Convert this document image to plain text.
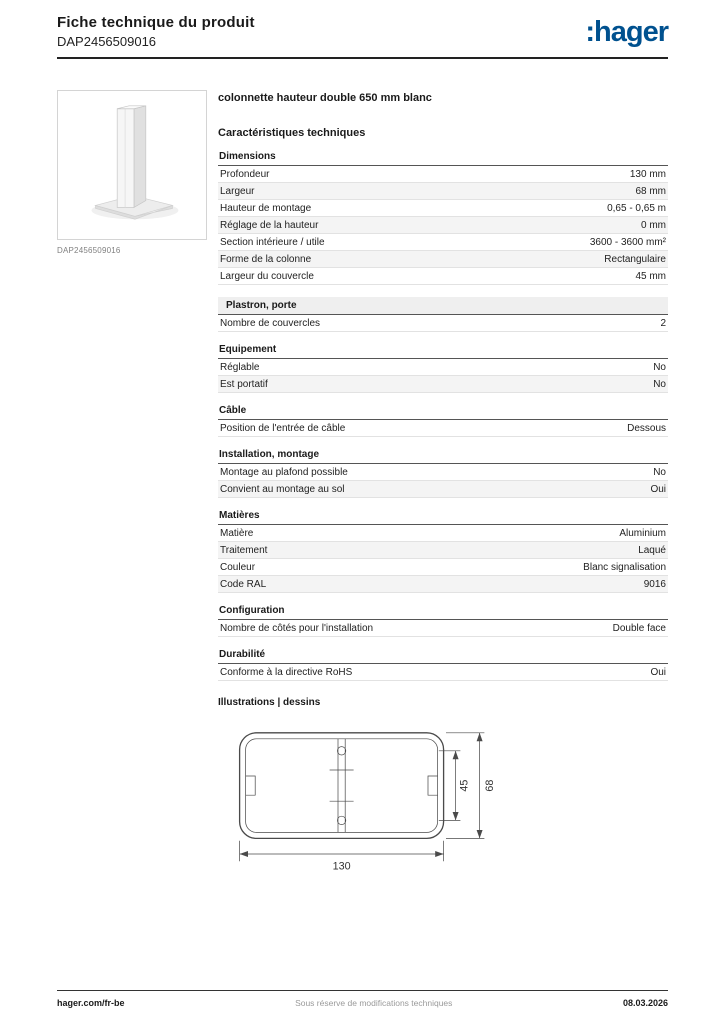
Fiche technique du produit
DAP2456509016	:hager
DAP2456509016
colonnette hauteur double 650 mm blanc
Caractéristiques techniques
Dimensions
Profondeur	130 mm
Largeur	68 mm
Hauteur de montage	0,65 - 0,65 m
Réglage de la hauteur	0 mm
Section intérieure / utile	3600 - 3600 mm²
Forme de la colonne	Rectangulaire
Largeur du couvercle	45 mm
Plastron, porte
Nombre de couvercles	2
Equipement
Réglable	No
Est portatif	No
Câble
Position de l'entrée de câble	Dessous
Installation, montage
Montage au plafond possible	No
Convient au montage au sol	Oui
Matières
Matière	Aluminium
Traitement	Laqué
Couleur	Blanc signalisation
Code RAL	9016
Configuration
Nombre de côtés pour l'installation	Double face
Durabilité
Conforme à la directive RoHS	Oui
Illustrations | dessins
130
45 68
hager.com/fr-be	Sous réserve de modifications techniques	08.03.2026
